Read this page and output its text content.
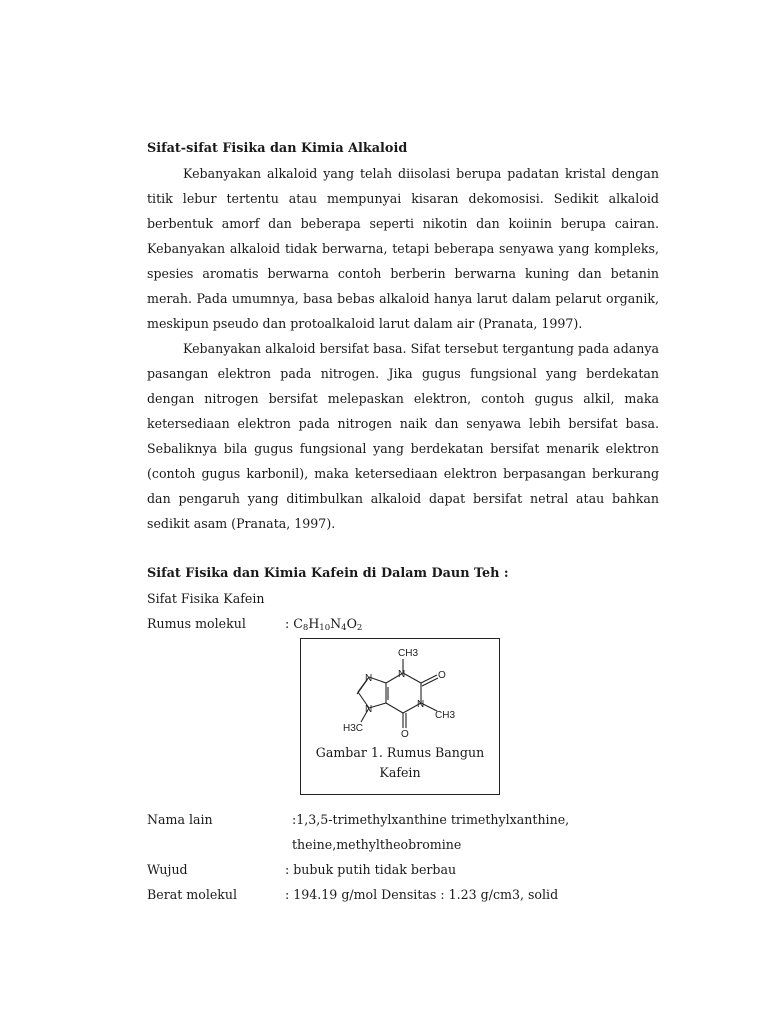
Sifat-sifat Fisika dan Kimia Alkaloid

Kebanyakan alkaloid yang telah diisolasi berupa padatan kristal dengan titik lebur tertentu atau mempunyai kisaran dekomosisi. Sedikit alkaloid berbentuk amorf dan beberapa seperti nikotin dan koiinin berupa cairan. Kebanyakan alkaloid tidak berwarna, tetapi beberapa senyawa yang kompleks, spesies aromatis berwarna contoh berberin berwarna kuning dan betanin merah. Pada umumnya, basa bebas alkaloid hanya larut dalam pelarut organik, meskipun pseudo dan protoalkaloid larut dalam air (Pranata, 1997).

Kebanyakan alkaloid bersifat basa. Sifat tersebut tergantung pada adanya pasangan elektron pada nitrogen. Jika gugus fungsional yang berdekatan dengan nitrogen bersifat melepaskan elektron, contoh gugus alkil, maka ketersediaan elektron pada nitrogen naik dan senyawa lebih bersifat basa. Sebaliknya bila gugus fungsional yang berdekatan bersifat menarik elektron (contoh gugus karbonil), maka ketersediaan elektron berpasangan berkurang dan pengaruh yang ditimbulkan alkaloid dapat bersifat netral atau bahkan sedikit asam (Pranata, 1997).

Sifat Fisika dan Kimia Kafein di Dalam Daun Teh :
Sifat Fisika Kafein
Rumus molekul	: $C_8H_{10}N_4O_2$
CH3
N
N
N
N
O
O
CH3
H3C
Gambar 1. Rumus Bangun
Kafein
Nama lain	:1,3,5-trimethylxanthine trimethylxanthine,
theine,methyltheobromine
Wujud	: bubuk putih tidak berbau
Berat molekul	: 194.19 g/mol Densitas : 1.23 g/cm3, solid
